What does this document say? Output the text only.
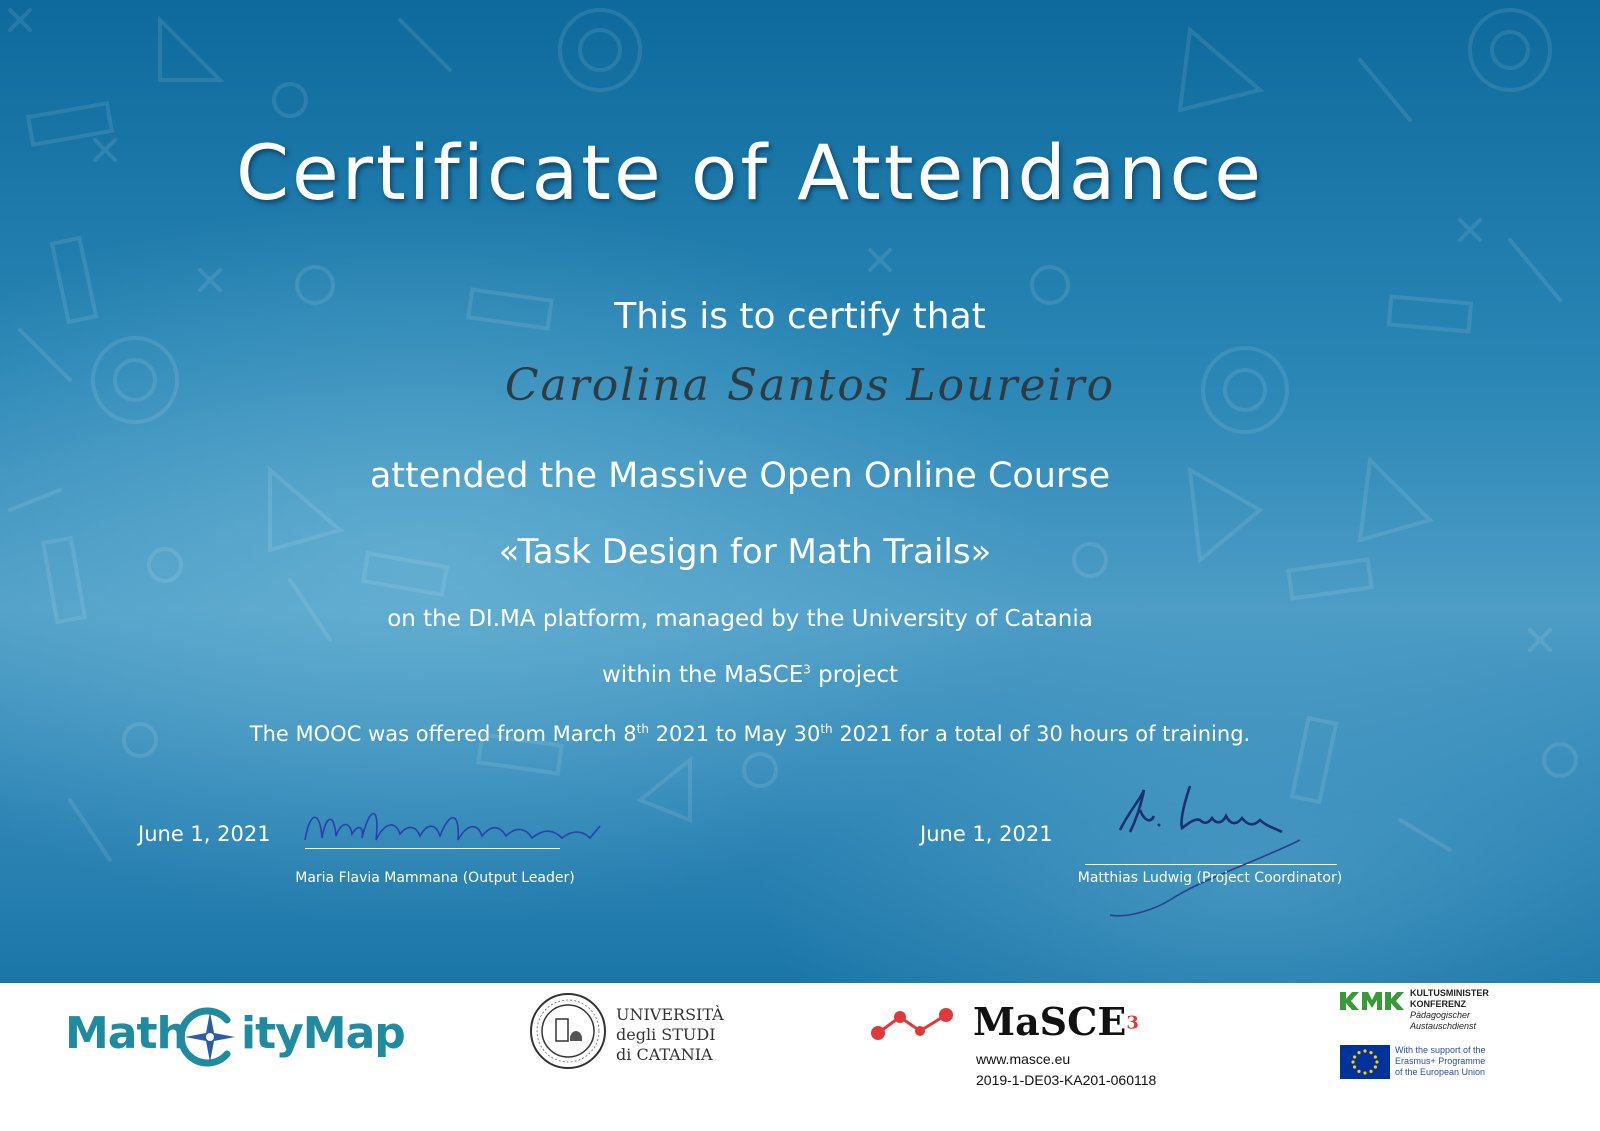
Certificate of Attendance
This is to certify that
Carolina Santos Loureiro
attended the Massive Open Online Course
«Task Design for Math Trails»
on the DI.MA platform, managed by the University of Catania
within the MaSCE$^3$ project
The MOOC was offered from March 8th 2021 to May 30th 2021 for a total of 30 hours of training.
June 1, 2021
Maria Flavia Mammana (Output Leader)
June 1, 2021
Matthias Ludwig (Project Coordinator)
Math ityMap	UNIVERSITÀ
degli STUDI
di CATANIA
MaSCE$^3$
www.masce.eu
2019-1-DE03-KA201-060118
KULTUSMINISTER
KONFERENZ
Pädagogischer
Austauschdienst
With the support of the
Erasmus+ Programme
of the European Union
